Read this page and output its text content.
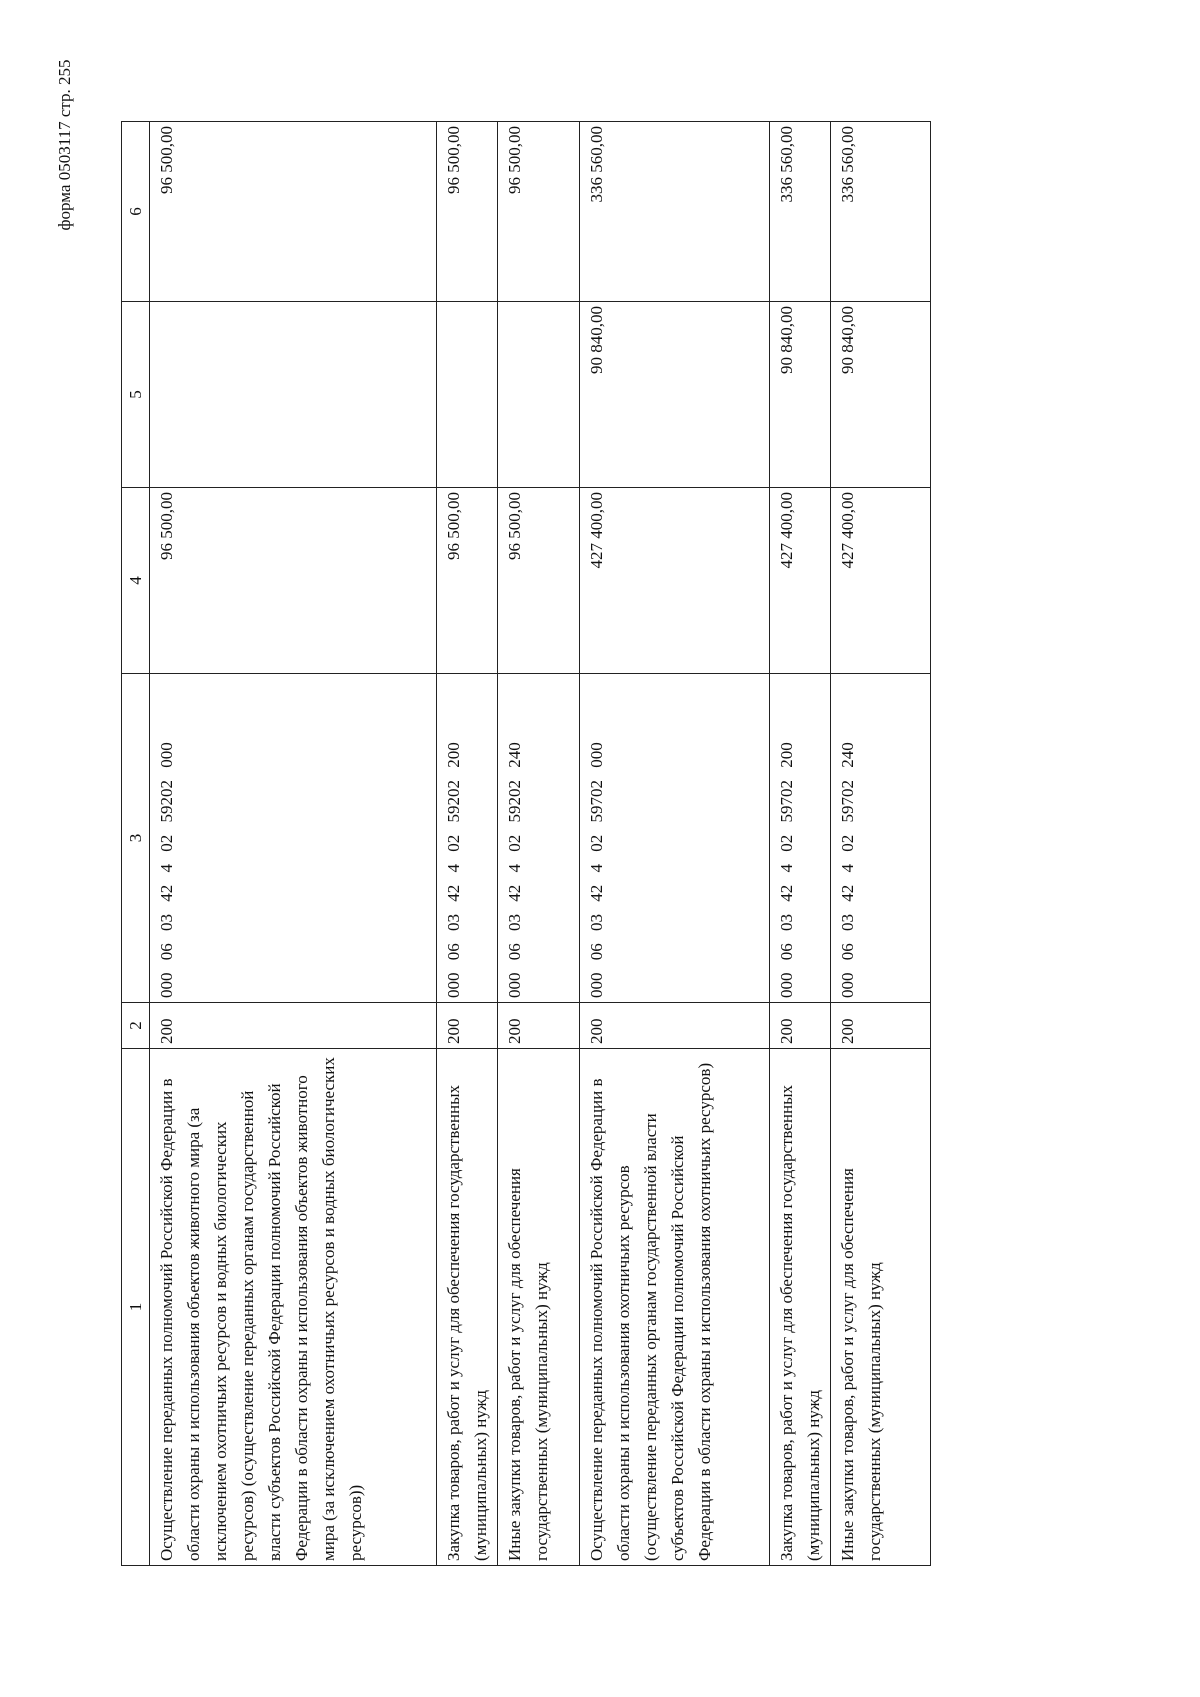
форма 0503117 стр. 255
1	2	3	4	5	6
Осуществление переданных полномочий Российской Федерации в области охраны и использования объектов животного мира (за исключением охотничьих ресурсов и водных биологических ресурсов) (осуществление переданных органам государственной власти субъектов Российской Федерации полномочий Российской Федерации в области охраны и использования объектов животного мира (за исключением охотничьих ресурсов и водных биологических ресурсов))	200	000 06 03 42 4 02 59202 000	96 500,00		96 500,00
Закупка товаров, работ и услуг для обеспечения государственных (муниципальных) нужд	200	000 06 03 42 4 02 59202 200	96 500,00		96 500,00
Иные закупки товаров, работ и услуг для обеспечения государственных (муниципальных) нужд	200	000 06 03 42 4 02 59202 240	96 500,00		96 500,00
Осуществление переданных полномочий Российской Федерации в области охраны и использования охотничьих ресурсов (осуществление переданных органам государственной власти субъектов Российской Федерации полномочий Российской Федерации в области охраны и использования охотничьих ресурсов)	200	000 06 03 42 4 02 59702 000	427 400,00	90 840,00	336 560,00
Закупка товаров, работ и услуг для обеспечения государственных (муниципальных) нужд	200	000 06 03 42 4 02 59702 200	427 400,00	90 840,00	336 560,00
Иные закупки товаров, работ и услуг для обеспечения государственных (муниципальных) нужд	200	000 06 03 42 4 02 59702 240	427 400,00	90 840,00	336 560,00
